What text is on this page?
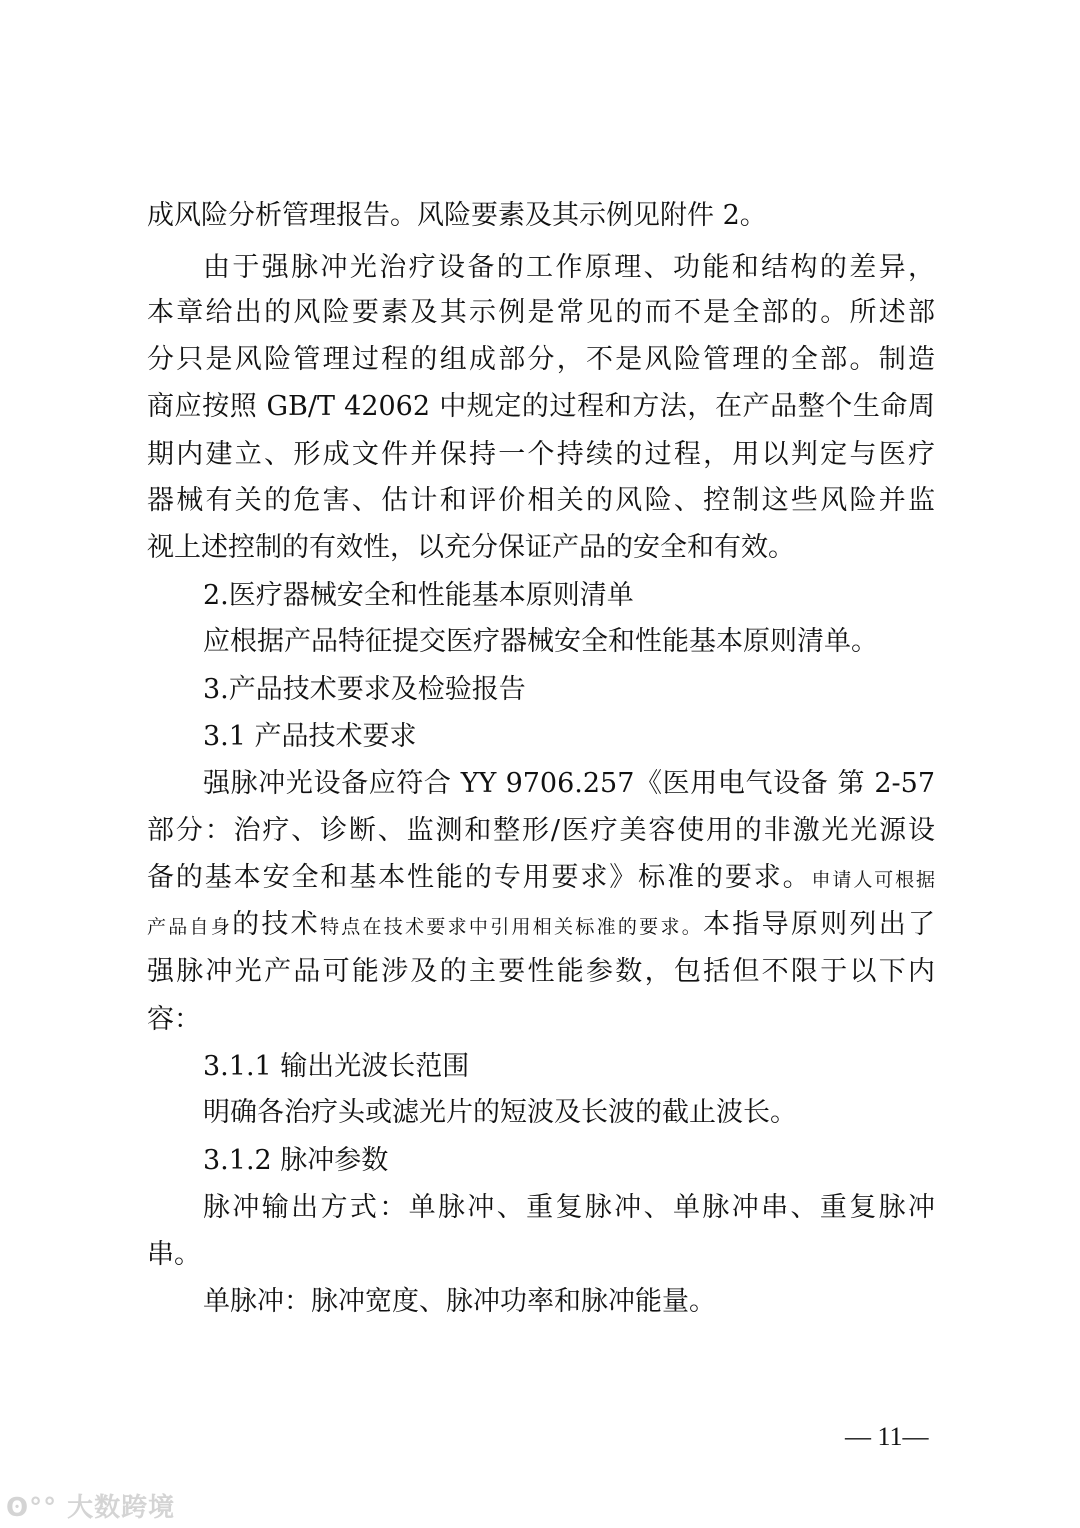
成风险分析管理报告。风险要素及其示例见附件 2。
由于强脉冲光治疗设备的工作原理、功能和结构的差异，
本章给出的风险要素及其示例是常见的而不是全部的。所述部
分只是风险管理过程的组成部分，不是风险管理的全部。制造
商应按照 GB/T 42062 中规定的过程和方法，在产品整个生命周
期内建立、形成文件并保持一个持续的过程，用以判定与医疗
器械有关的危害、估计和评价相关的风险、控制这些风险并监
视上述控制的有效性，以充分保证产品的安全和有效。
2.医疗器械安全和性能基本原则清单
应根据产品特征提交医疗器械安全和性能基本原则清单。
3.产品技术要求及检验报告
3.1 产品技术要求
强脉冲光设备应符合 YY 9706.257《医用电气设备 第 2-57
部分：治疗、诊断、监测和整形/医疗美容使用的非激光光源设
备的基本安全和基本性能的专用要求》标准的要求。申请人可根据
产品自身的技术特点在技术要求中引用相关标准的要求。本指导原则列出了
强脉冲光产品可能涉及的主要性能参数，包括但不限于以下内
容：
3.1.1 输出光波长范围
明确各治疗头或滤光片的短波及长波的截止波长。
3.1.2 脉冲参数
脉冲输出方式：单脉冲、重复脉冲、单脉冲串、重复脉冲
串。
单脉冲：脉冲宽度、脉冲功率和脉冲能量。
— 11—
ʘ°° 大数跨境
